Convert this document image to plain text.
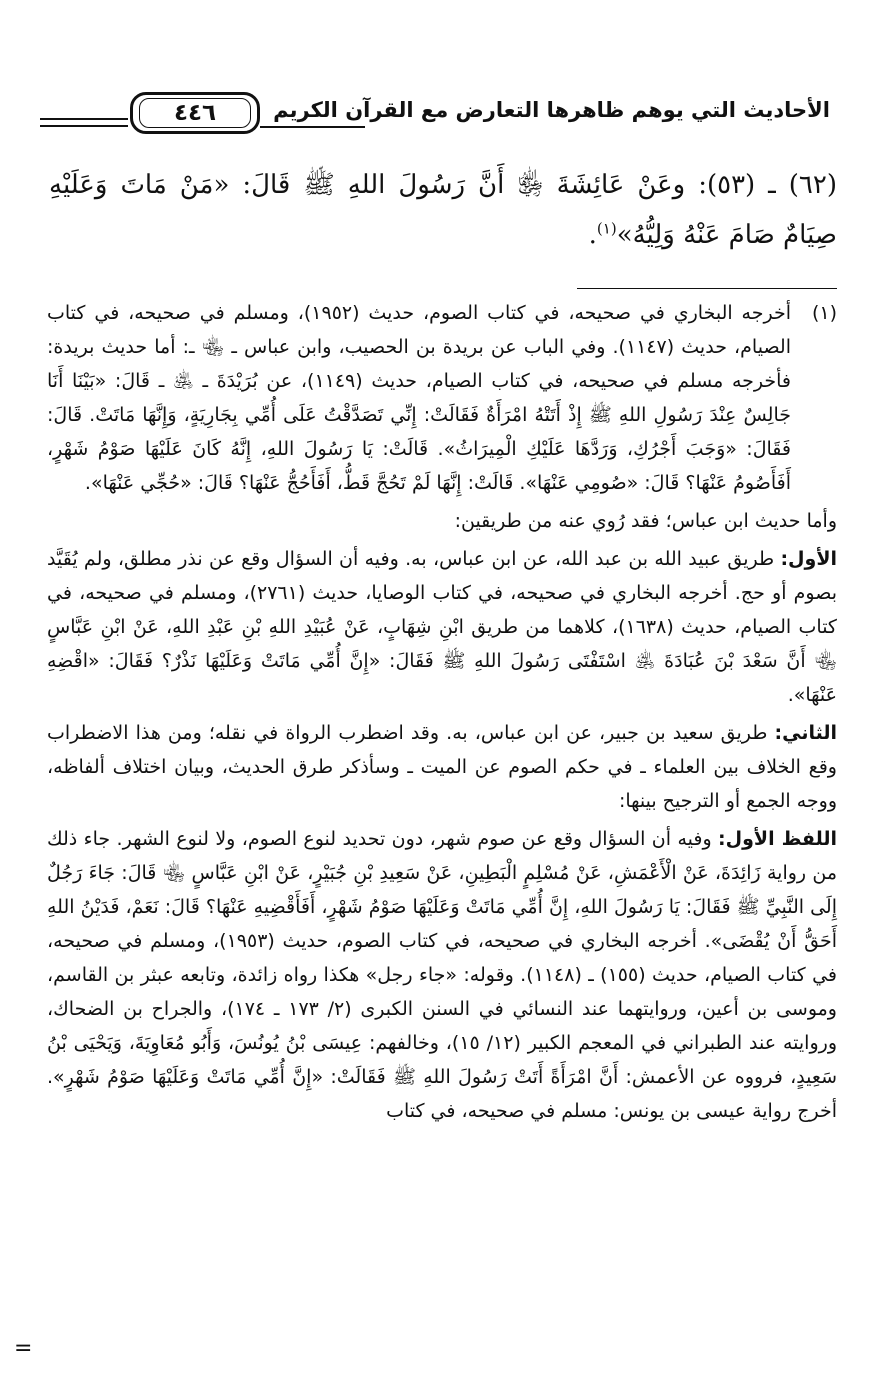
الأحاديث التي يوهم ظاهرها التعارض مع القرآن الكريم
٤٤٦
(٦٢) ـ (٥٣): وعَنْ عَائِشَةَ ﵂ أَنَّ رَسُولَ اللهِ ﷺ قَالَ: «مَنْ مَاتَ وَعَلَيْهِ صِيَامٌ صَامَ عَنْهُ وَلِيُّهُ»$^{(١)}$.
(١)

أخرجه البخاري في صحيحه، في كتاب الصوم، حديث (١٩٥٢)، ومسلم في صحيحه، في كتاب الصيام، حديث (١١٤٧). وفي الباب عن بريدة بن الحصيب، وابن عباس ـ ﵄ ـ: أما حديث بريدة: فأخرجه مسلم في صحيحه، في كتاب الصيام، حديث (١١٤٩)، عن بُرَيْدَةَ ـ ﵁ ـ قَالَ: «بَيْنَا أَنَا جَالِسٌ عِنْدَ رَسُولِ اللهِ ﷺ إِذْ أَتَتْهُ امْرَأَةٌ فَقَالَتْ: إِنِّي تَصَدَّقْتُ عَلَى أُمِّي بِجَارِيَةٍ، وَإِنَّهَا مَاتَتْ. قَالَ: فَقَالَ: «وَجَبَ أَجْرُكِ، وَرَدَّهَا عَلَيْكِ الْمِيرَاثُ». قَالَتْ: يَا رَسُولَ اللهِ، إِنَّهُ كَانَ عَلَيْهَا صَوْمُ شَهْرٍ، أَفَأَصُومُ عَنْهَا؟ قَالَ: «صُومِي عَنْهَا». قَالَتْ: إِنَّهَا لَمْ تَحُجَّ قَطُّ، أَفَأَحُجُّ عَنْهَا؟ قَالَ: «حُجِّي عَنْهَا».

وأما حديث ابن عباس؛ فقد رُوي عنه من طريقين:

الأول: طريق عبيد الله بن عبد الله، عن ابن عباس، به. وفيه أن السؤال وقع عن نذر مطلق، ولم يُقَيَّد بصوم أو حج. أخرجه البخاري في صحيحه، في كتاب الوصايا، حديث (٢٧٦١)، ومسلم في صحيحه، في كتاب الصيام، حديث (١٦٣٨)، كلاهما من طريق ابْنِ شِهَابٍ، عَنْ عُبَيْدِ اللهِ بْنِ عَبْدِ اللهِ، عَنْ ابْنِ عَبَّاسٍ ﵄ أَنَّ سَعْدَ بْنَ عُبَادَةَ ﵁ اسْتَفْتَى رَسُولَ اللهِ ﷺ فَقَالَ: «إِنَّ أُمِّي مَاتَتْ وَعَلَيْهَا نَذْرٌ؟ فَقَالَ: «اقْضِهِ عَنْهَا».

الثاني: طريق سعيد بن جبير، عن ابن عباس، به. وقد اضطرب الرواة في نقله؛ ومن هذا الاضطراب وقع الخلاف بين العلماء ـ في حكم الصوم عن الميت ـ وسأذكر طرق الحديث، وبيان اختلاف ألفاظه، ووجه الجمع أو الترجيح بينها:

اللفظ الأول: وفيه أن السؤال وقع عن صوم شهر، دون تحديد لنوع الصوم، ولا لنوع الشهر. جاء ذلك من رواية زَائِدَةَ، عَنْ الْأَعْمَشِ، عَنْ مُسْلِمٍ الْبَطِينِ، عَنْ سَعِيدِ بْنِ جُبَيْرٍ، عَنْ ابْنِ عَبَّاسٍ ﵄ قَالَ: جَاءَ رَجُلٌ إِلَى النَّبِيِّ ﷺ فَقَالَ: يَا رَسُولَ اللهِ، إِنَّ أُمِّي مَاتَتْ وَعَلَيْهَا صَوْمُ شَهْرٍ، أَفَأَقْضِيهِ عَنْهَا؟ قَالَ: نَعَمْ، فَدَيْنُ اللهِ أَحَقُّ أَنْ يُقْضَى». أخرجه البخاري في صحيحه، في كتاب الصوم، حديث (١٩٥٣)، ومسلم في صحيحه، في كتاب الصيام، حديث (١٥٥) ـ (١١٤٨). وقوله: «جاء رجل» هكذا رواه زائدة، وتابعه عبثر بن القاسم، وموسى بن أعين، وروايتهما عند النسائي في السنن الكبرى (٢/ ١٧٣ ـ ١٧٤)، والجراح بن الضحاك، وروايته عند الطبراني في المعجم الكبير (١٢/ ١٥)، وخالفهم: عِيسَى بْنُ يُونُسَ، وَأَبُو مُعَاوِيَةَ، وَيَحْيَى بْنُ سَعِيدٍ، فرووه عن الأعمش: أَنَّ امْرَأَةً أَتَتْ رَسُولَ اللهِ ﷺ فَقَالَتْ: «إِنَّ أُمِّي مَاتَتْ وَعَلَيْهَا صَوْمُ شَهْرٍ». أخرج رواية عيسى بن يونس: مسلم في صحيحه، في كتاب

=
